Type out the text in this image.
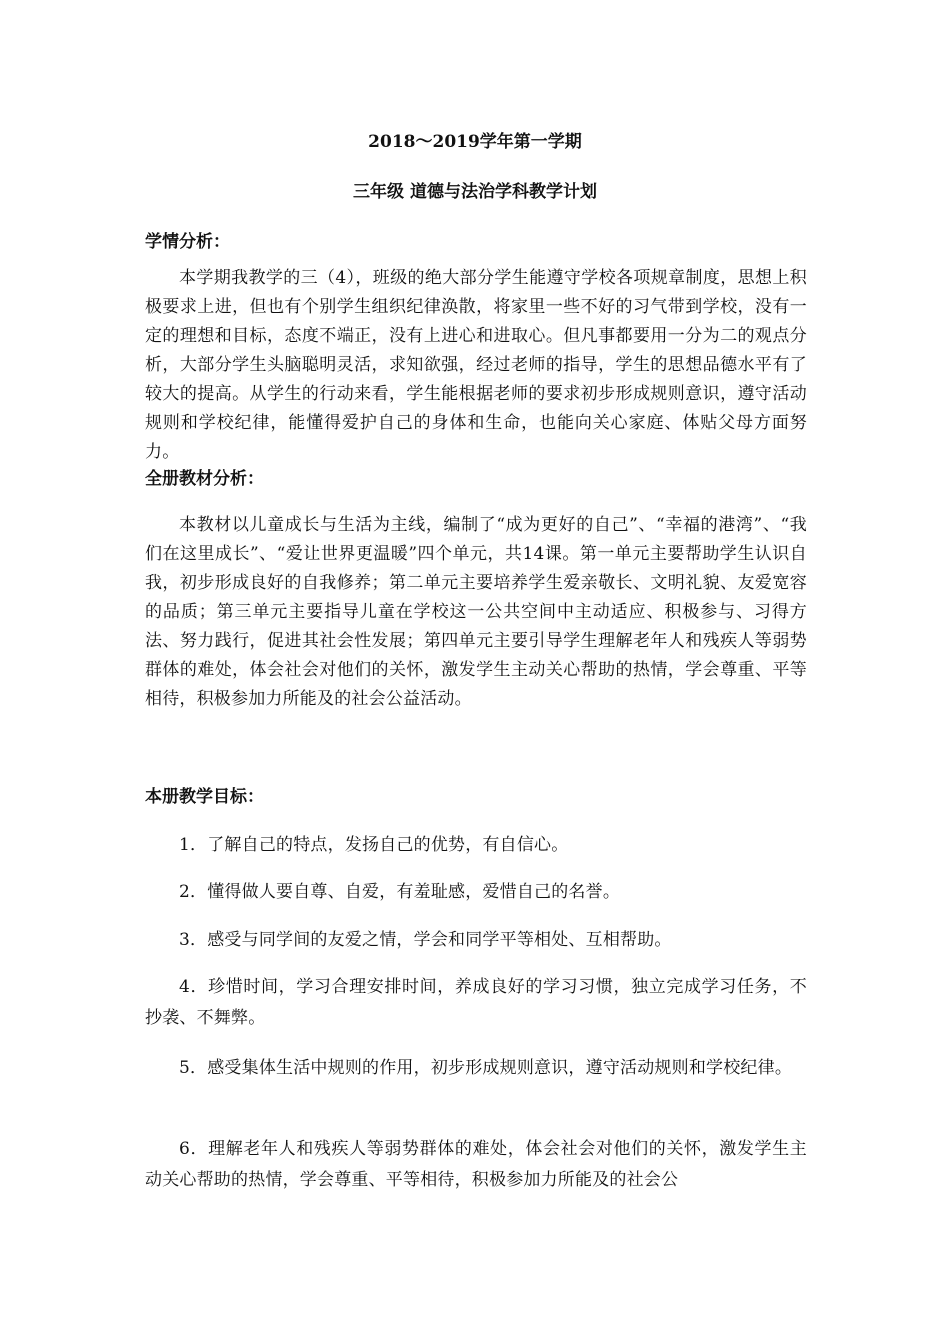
2018～2019学年第一学期

三年级 道德与法治学科教学计划

学情分析：

本学期我教学的三（4），班级的绝大部分学生能遵守学校各项规章制度，思想上积极要求上进，但也有个别学生组织纪律涣散，将家里一些不好的习气带到学校，没有一定的理想和目标，态度不端正，没有上进心和进取心。但凡事都要用一分为二的观点分析，大部分学生头脑聪明灵活，求知欲强，经过老师的指导，学生的思想品德水平有了较大的提高。从学生的行动来看，学生能根据老师的要求初步形成规则意识，遵守活动规则和学校纪律，能懂得爱护自己的身体和生命，也能向关心家庭、体贴父母方面努力。

全册教材分析：

本教材以儿童成长与生活为主线，编制了“成为更好的自己”、“幸福的港湾”、“我们在这里成长”、“爱让世界更温暖”四个单元，共14课。第一单元主要帮助学生认识自我，初步形成良好的自我修养；第二单元主要培养学生爱亲敬长、文明礼貌、友爱宽容的品质；第三单元主要指导儿童在学校这一公共空间中主动适应、积极参与、习得方法、努力践行，促进其社会性发展；第四单元主要引导学生理解老年人和残疾人等弱势群体的难处，体会社会对他们的关怀，激发学生主动关心帮助的热情，学会尊重、平等相待，积极参加力所能及的社会公益活动。

本册教学目标：

1．了解自己的特点，发扬自己的优势，有自信心。

2．懂得做人要自尊、自爱，有羞耻感，爱惜自己的名誉。

3．感受与同学间的友爱之情，学会和同学平等相处、互相帮助。

4．珍惜时间，学习合理安排时间，养成良好的学习习惯，独立完成学习任务，不抄袭、不舞弊。

5．感受集体生活中规则的作用，初步形成规则意识，遵守活动规则和学校纪律。

6．理解老年人和残疾人等弱势群体的难处，体会社会对他们的关怀，激发学生主动关心帮助的热情，学会尊重、平等相待，积极参加力所能及的社会公
